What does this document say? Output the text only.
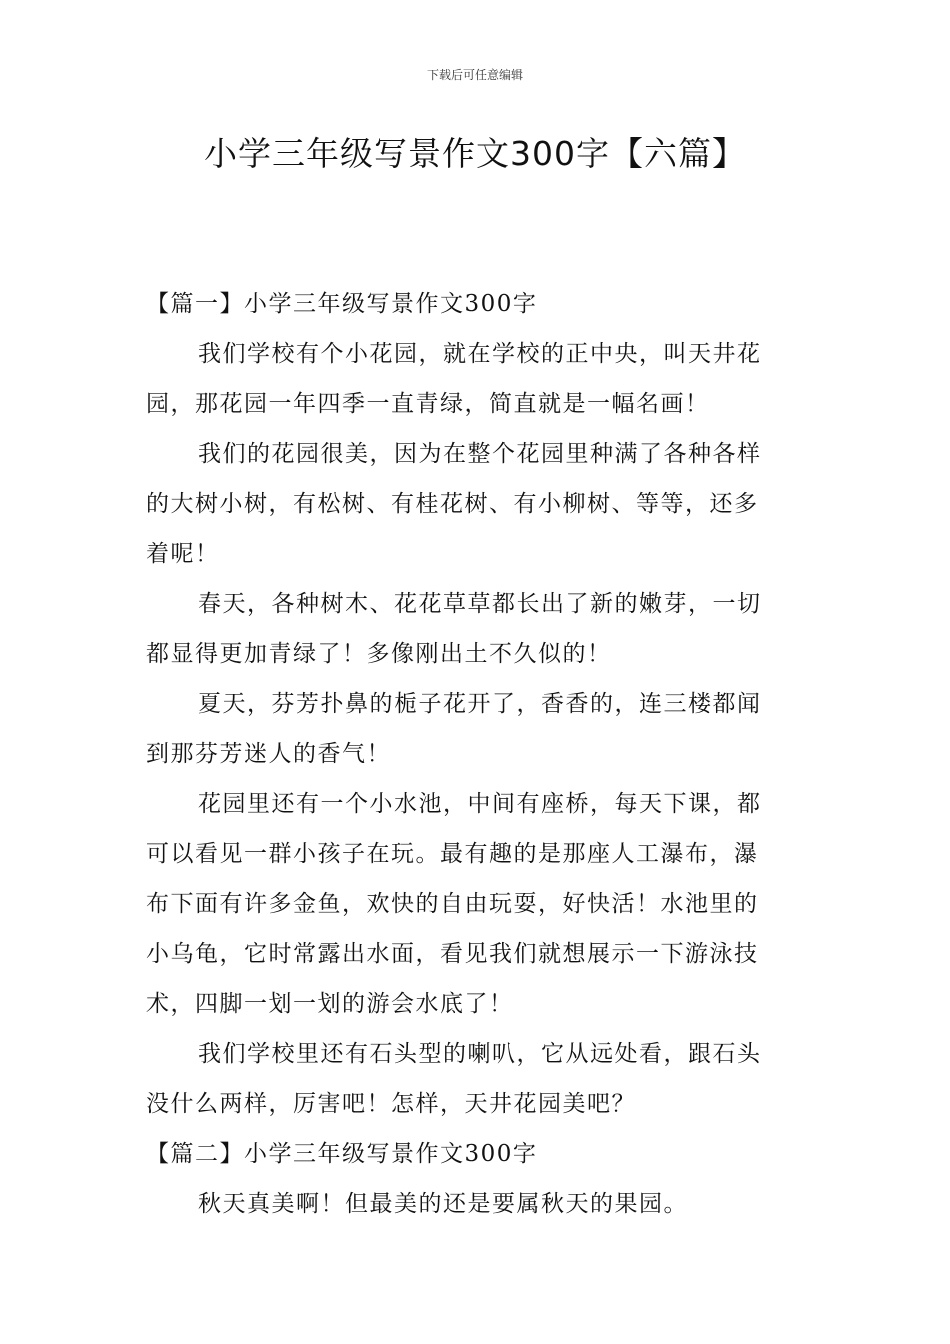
下载后可任意编辑
小学三年级写景作文300字【六篇】

【篇一】小学三年级写景作文300字

我们学校有个小花园，就在学校的正中央，叫天井花

园，那花园一年四季一直青绿，简直就是一幅名画！

我们的花园很美，因为在整个花园里种满了各种各样

的大树小树，有松树、有桂花树、有小柳树、等等，还多

着呢！

春天，各种树木、花花草草都长出了新的嫩芽，一切

都显得更加青绿了！多像刚出土不久似的！

夏天，芬芳扑鼻的栀子花开了，香香的，连三楼都闻

到那芬芳迷人的香气！

花园里还有一个小水池，中间有座桥，每天下课，都

可以看见一群小孩子在玩。最有趣的是那座人工瀑布，瀑

布下面有许多金鱼，欢快的自由玩耍，好快活！水池里的

小乌龟，它时常露出水面，看见我们就想展示一下游泳技

术，四脚一划一划的游会水底了！

我们学校里还有石头型的喇叭，它从远处看，跟石头

没什么两样，厉害吧！怎样，天井花园美吧？

【篇二】小学三年级写景作文300字

秋天真美啊！但最美的还是要属秋天的果园。
